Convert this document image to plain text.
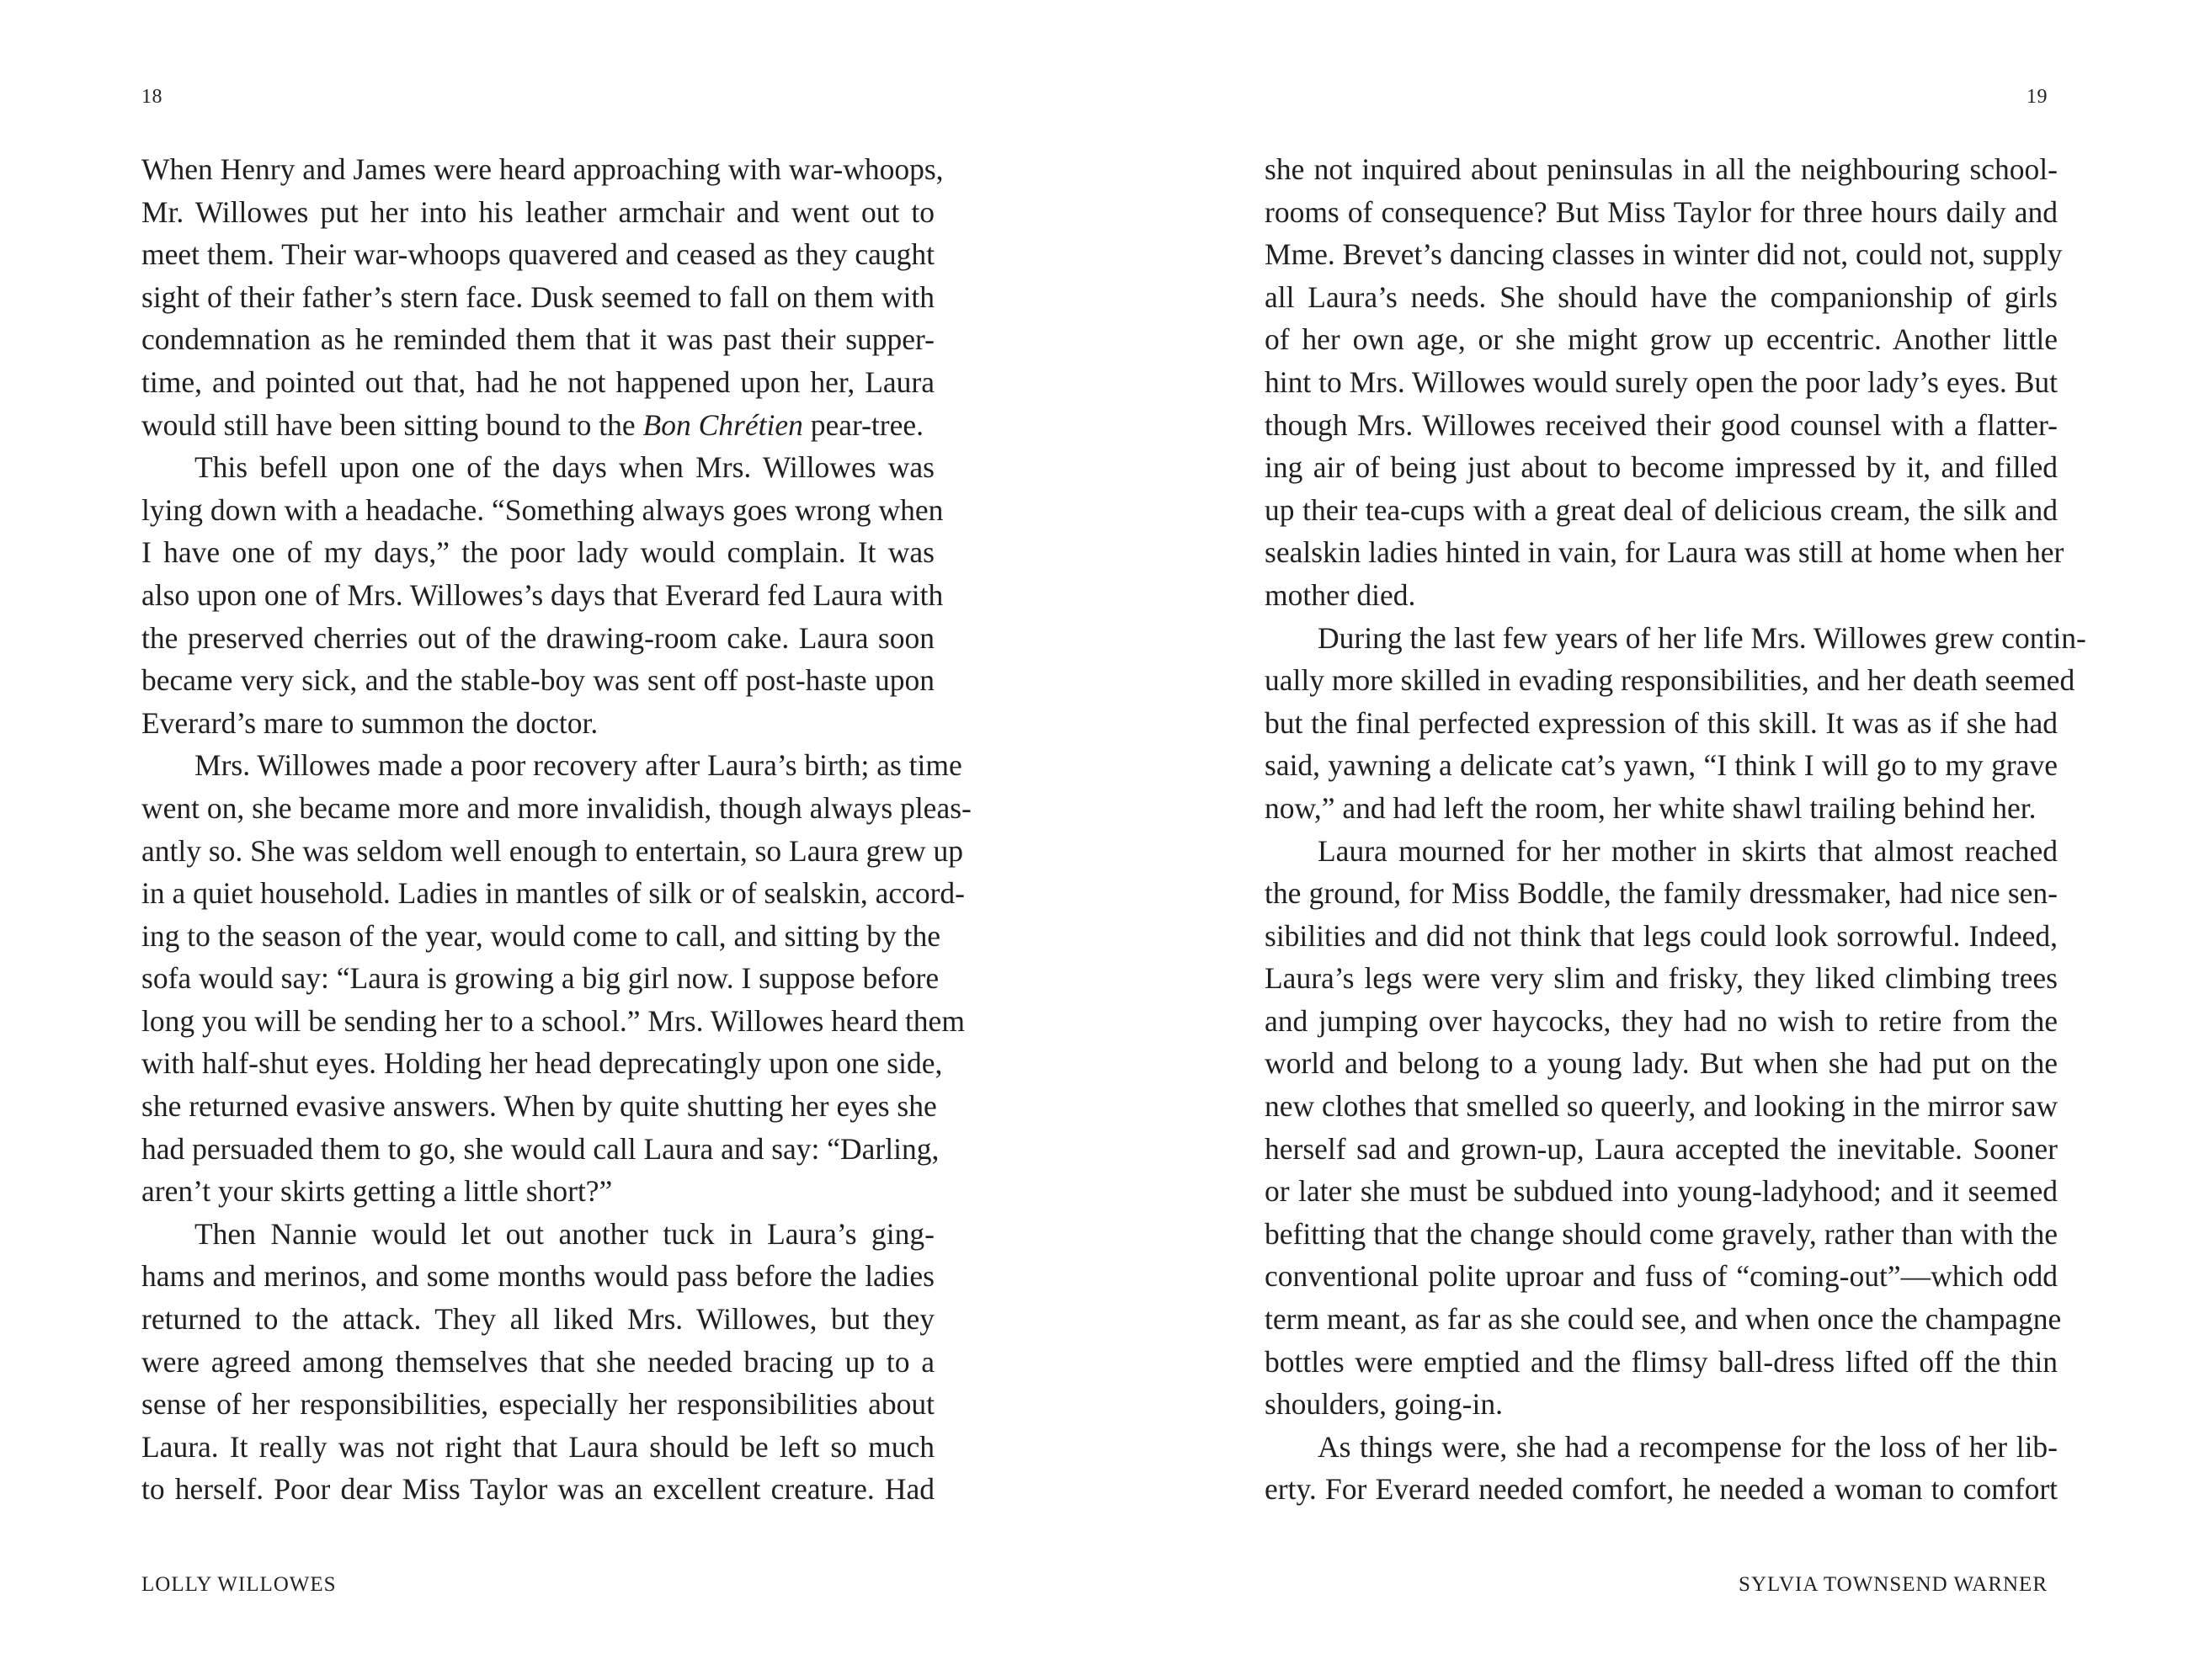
18
When Henry and James were heard approaching with war-whoops,
Mr. Willowes put her into his leather armchair and went out to
meet them. Their war-whoops quavered and ceased as they caught
sight of their father’s stern face. Dusk seemed to fall on them with
condemnation as he reminded them that it was past their supper-
time, and pointed out that, had he not happened upon her, Laura
would still have been sitting bound to the Bon Chrétien pear-tree.
This befell upon one of the days when Mrs. Willowes was
lying down with a headache. “Something always goes wrong when
I have one of my days,” the poor lady would complain. It was
also upon one of Mrs. Willowes’s days that Everard fed Laura with
the preserved cherries out of the drawing-room cake. Laura soon
became very sick, and the stable-boy was sent off post-haste upon
Everard’s mare to summon the doctor.
Mrs. Willowes made a poor recovery after Laura’s birth; as time
went on, she became more and more invalidish, though always pleas-
antly so. She was seldom well enough to entertain, so Laura grew up
in a quiet household. Ladies in mantles of silk or of sealskin, accord-
ing to the season of the year, would come to call, and sitting by the
sofa would say: “Laura is growing a big girl now. I suppose before
long you will be sending her to a school.” Mrs. Willowes heard them
with half-shut eyes. Holding her head deprecatingly upon one side,
she returned evasive answers. When by quite shutting her eyes she
had persuaded them to go, she would call Laura and say: “Darling,
aren’t your skirts getting a little short?”
Then Nannie would let out another tuck in Laura’s ging-
hams and merinos, and some months would pass before the ladies
returned to the attack. They all liked Mrs. Willowes, but they
were agreed among themselves that she needed bracing up to a
sense of her responsibilities, especially her responsibilities about
Laura. It really was not right that Laura should be left so much
to herself. Poor dear Miss Taylor was an excellent creature. Had
LOLLY WILLOWES
19
she not inquired about peninsulas in all the neighbouring school-
rooms of consequence? But Miss Taylor for three hours daily and
Mme. Brevet’s dancing classes in winter did not, could not, supply
all Laura’s needs. She should have the companionship of girls
of her own age, or she might grow up eccentric. Another little
hint to Mrs. Willowes would surely open the poor lady’s eyes. But
though Mrs. Willowes received their good counsel with a flatter-
ing air of being just about to become impressed by it, and filled
up their tea-cups with a great deal of delicious cream, the silk and
sealskin ladies hinted in vain, for Laura was still at home when her
mother died.
During the last few years of her life Mrs. Willowes grew contin-
ually more skilled in evading responsibilities, and her death seemed
but the final perfected expression of this skill. It was as if she had
said, yawning a delicate cat’s yawn, “I think I will go to my grave
now,” and had left the room, her white shawl trailing behind her.
Laura mourned for her mother in skirts that almost reached
the ground, for Miss Boddle, the family dressmaker, had nice sen-
sibilities and did not think that legs could look sorrowful. Indeed,
Laura’s legs were very slim and frisky, they liked climbing trees
and jumping over haycocks, they had no wish to retire from the
world and belong to a young lady. But when she had put on the
new clothes that smelled so queerly, and looking in the mirror saw
herself sad and grown-up, Laura accepted the inevitable. Sooner
or later she must be subdued into young-ladyhood; and it seemed
befitting that the change should come gravely, rather than with the
conventional polite uproar and fuss of “coming-out”—which odd
term meant, as far as she could see, and when once the champagne
bottles were emptied and the flimsy ball-dress lifted off the thin
shoulders, going-in.
As things were, she had a recompense for the loss of her lib-
erty. For Everard needed comfort, he needed a woman to comfort
SYLVIA TOWNSEND WARNER
